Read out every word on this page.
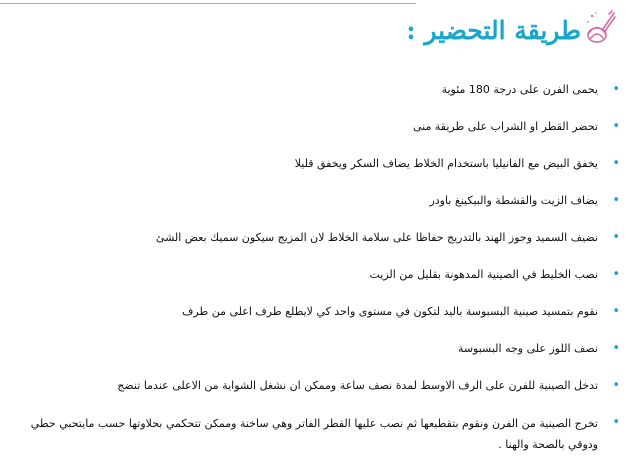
طريقة التحضير :
•
يحمى الفرن على درجة 180 مئوية
•
تحضر القطر او الشراب على طريقة منى
•
يخفق البيض مع الفانيليا باستخدام الخلاط يضاف السكر ويخفق قليلا
•
يضاف الزيت والقشطة والبيكينغ باودر
•
نضيف السميد وجوز الهند بالتدريج حفاظا على سلامة الخلاط لان المزيج سيكون سميك بعض الشئ
•
نصب الخليط في الصينية المدهونة بقليل من الزيت
•
نقوم بتمسيد صينية البسبوسة باليد لتكون في مستوى واحد كي لايطلع طرف اعلى من طرف
•
نصف اللوز على وجه البسبوسة
•
تدخل الصينية للفرن على الرف الاوسط لمدة نصف ساعة وممكن ان نشغل الشواية من الاعلى عندما تنضج
•
تخرج الصينية من الفرن ونقوم بتقطيعها ثم نصب عليها القطر الفاتر وهي ساخنة وممكن تتحكمي بحلاوتها حسب مايتحبي حطي ودوقي بالصحة والهنا .
